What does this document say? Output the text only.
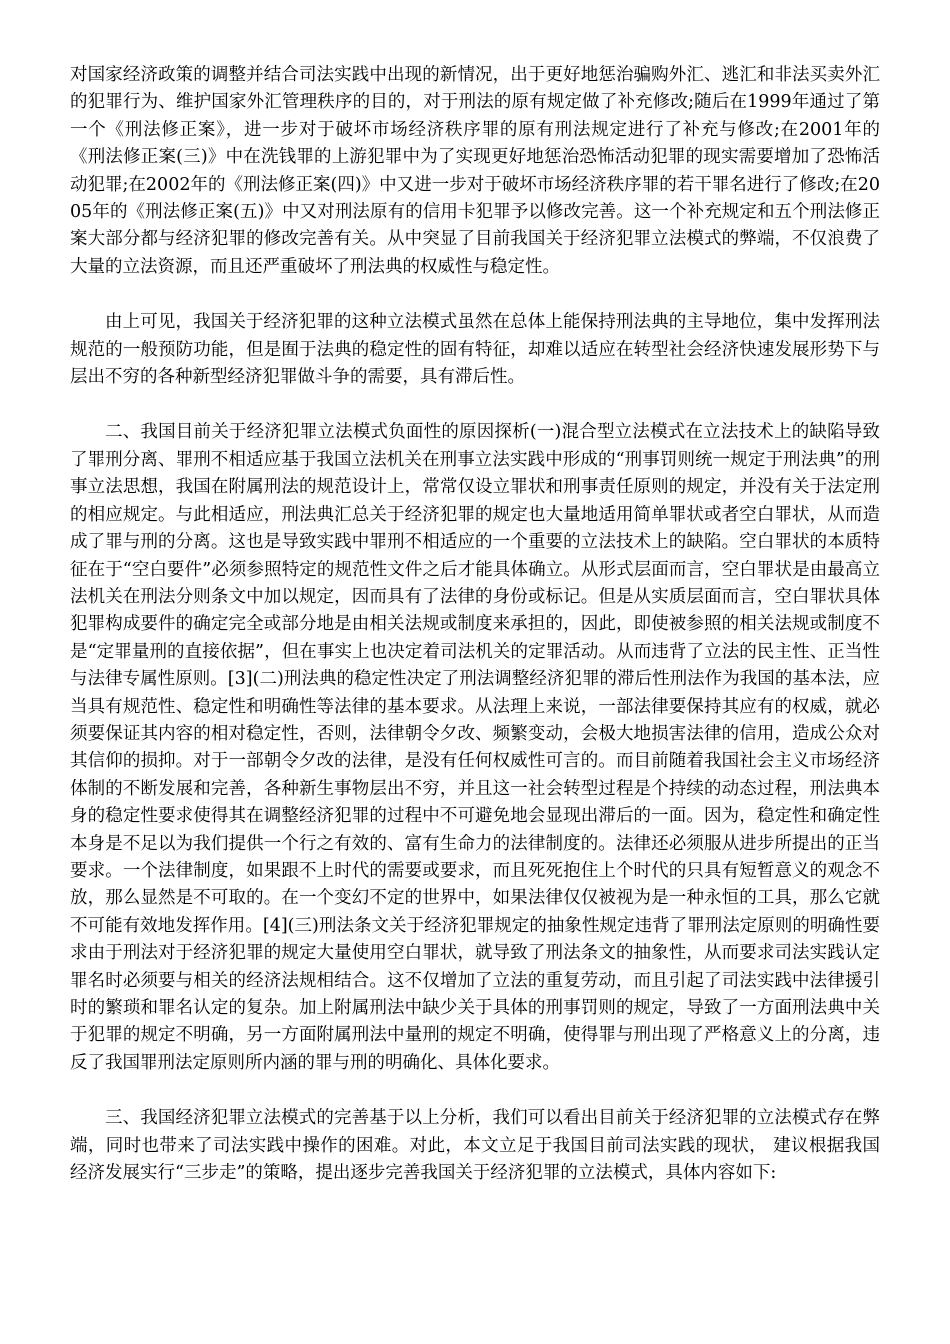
对国家经济政策的调整并结合司法实践中出现的新情况，出于更好地惩治骗购外汇、逃汇和非法买卖外汇的犯罪行为、维护国家外汇管理秩序的目的，对于刑法的原有规定做了补充修改;随后在1999年通过了第一个《刑法修正案》，进一步对于破坏市场经济秩序罪的原有刑法规定进行了补充与修改;在2001年的《刑法修正案(三)》中在洗钱罪的上游犯罪中为了实现更好地惩治恐怖活动犯罪的现实需要增加了恐怖活动犯罪;在2002年的《刑法修正案(四)》中又进一步对于破坏市场经济秩序罪的若干罪名进行了修改;在2005年的《刑法修正案(五)》中又对刑法原有的信用卡犯罪予以修改完善。这一个补充规定和五个刑法修正案大部分都与经济犯罪的修改完善有关。从中突显了目前我国关于经济犯罪立法模式的弊端，不仅浪费了大量的立法资源，而且还严重破坏了刑法典的权威性与稳定性。

由上可见，我国关于经济犯罪的这种立法模式虽然在总体上能保持刑法典的主导地位，集中发挥刑法规范的一般预防功能，但是囿于法典的稳定性的固有特征，却难以适应在转型社会经济快速发展形势下与层出不穷的各种新型经济犯罪做斗争的需要，具有滞后性。

二、我国目前关于经济犯罪立法模式负面性的原因探析(一)混合型立法模式在立法技术上的缺陷导致了罪刑分离、罪刑不相适应基于我国立法机关在刑事立法实践中形成的“刑事罚则统一规定于刑法典”的刑事立法思想，我国在附属刑法的规范设计上，常常仅设立罪状和刑事责任原则的规定，并没有关于法定刑的相应规定。与此相适应，刑法典汇总关于经济犯罪的规定也大量地适用简单罪状或者空白罪状，从而造成了罪与刑的分离。这也是导致实践中罪刑不相适应的一个重要的立法技术上的缺陷。空白罪状的本质特征在于“空白要件”必须参照特定的规范性文件之后才能具体确立。从形式层面而言，空白罪状是由最高立法机关在刑法分则条文中加以规定，因而具有了法律的身份或标记。但是从实质层面而言，空白罪状具体犯罪构成要件的确定完全或部分地是由相关法规或制度来承担的，因此，即使被参照的相关法规或制度不是“定罪量刑的直接依据”，但在事实上也决定着司法机关的定罪活动。从而违背了立法的民主性、正当性与法律专属性原则。[3](二)刑法典的稳定性决定了刑法调整经济犯罪的滞后性刑法作为我国的基本法，应当具有规范性、稳定性和明确性等法律的基本要求。从法理上来说，一部法律要保持其应有的权威，就必须要保证其内容的相对稳定性，否则，法律朝令夕改、频繁变动，会极大地损害法律的信用，造成公众对其信仰的损抑。对于一部朝令夕改的法律，是没有任何权威性可言的。而目前随着我国社会主义市场经济体制的不断发展和完善，各种新生事物层出不穷，并且这一社会转型过程是个持续的动态过程，刑法典本身的稳定性要求使得其在调整经济犯罪的过程中不可避免地会显现出滞后的一面。因为，稳定性和确定性本身是不足以为我们提供一个行之有效的、富有生命力的法律制度的。法律还必须服从进步所提出的正当要求。一个法律制度，如果跟不上时代的需要或要求，而且死死抱住上个时代的只具有短暂意义的观念不放，那么显然是不可取的。在一个变幻不定的世界中，如果法律仅仅被视为是一种永恒的工具，那么它就不可能有效地发挥作用。[4](三)刑法条文关于经济犯罪规定的抽象性规定违背了罪刑法定原则的明确性要求由于刑法对于经济犯罪的规定大量使用空白罪状，就导致了刑法条文的抽象性，从而要求司法实践认定罪名时必须要与相关的经济法规相结合。这不仅增加了立法的重复劳动，而且引起了司法实践中法律援引时的繁琐和罪名认定的复杂。加上附属刑法中缺少关于具体的刑事罚则的规定，导致了一方面刑法典中关于犯罪的规定不明确，另一方面附属刑法中量刑的规定不明确，使得罪与刑出现了严格意义上的分离，违反了我国罪刑法定原则所内涵的罪与刑的明确化、具体化要求。

三、我国经济犯罪立法模式的完善基于以上分析，我们可以看出目前关于经济犯罪的立法模式存在弊端，同时也带来了司法实践中操作的困难。对此，本文立足于我国目前司法实践的现状， 建议根据我国经济发展实行“三步走”的策略，提出逐步完善我国关于经济犯罪的立法模式，具体内容如下:
